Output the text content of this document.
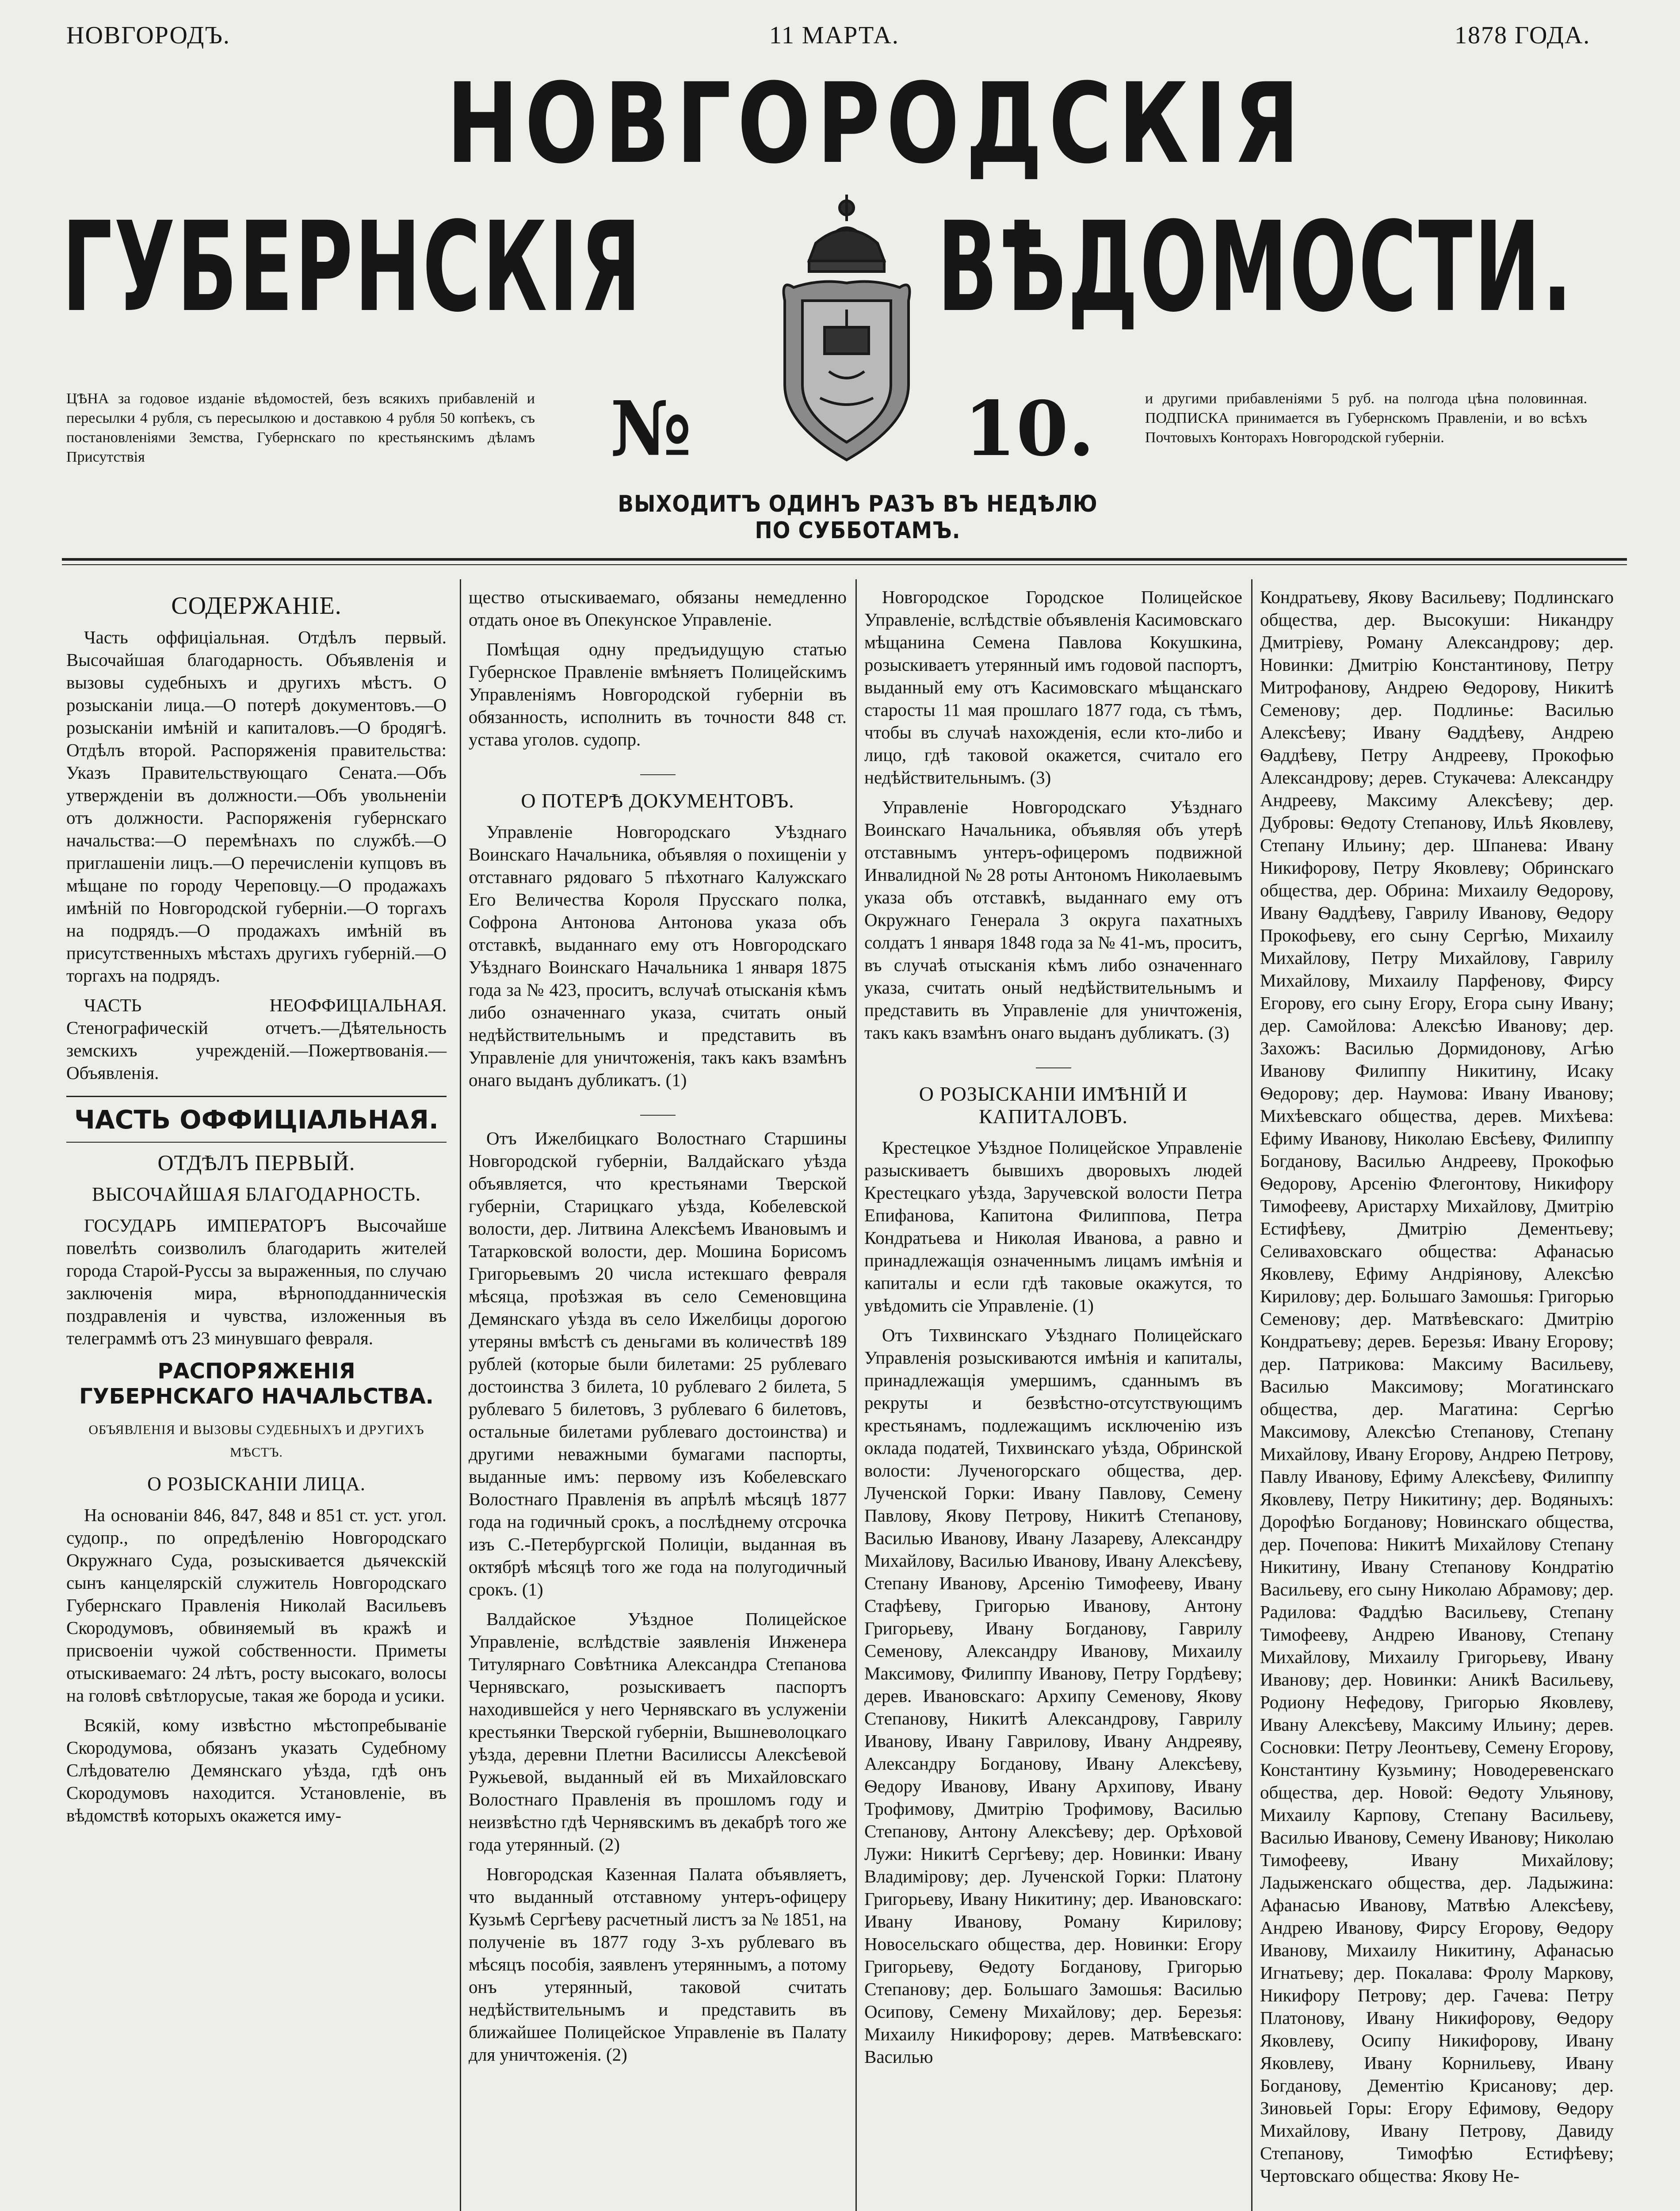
НОВГОРОДЪ.	11 МАРТА.	1878 ГОДА.
НОВГОРОДСКІЯ
ГУБЕРНСКІЯ ВѢДОМОСТИ.
№	10.
ЦѢНА за годовое изданіе вѣдомостей, безъ всякихъ прибавленій и пересылки 4 рубля, съ пересылкою и доставкою 4 рубля 50 копѣекъ, съ постановленіями Земства, Губернскаго по крестьянскимъ дѣламъ Присутствія
и другими прибавленіями 5 руб. на полгода цѣна половинная. ПОДПИСКА принимается въ Губернскомъ Правленіи, и во всѣхъ Почтовыхъ Конторахъ Новгородской губерніи.
ВЫХОДИТЪ ОДИНЪ РАЗЪ ВЪ НЕДѢЛЮ ПО СУББОТАМЪ.

СОДЕРЖАНІЕ.

Часть оффиціальная. Отдѣлъ первый. Высочайшая благодарность. Объявленія и вызовы судебныхъ и другихъ мѣстъ. О розысканіи лица.—О потерѣ документовъ.—О розысканіи имѣній и капиталовъ.—О бродягѣ. Отдѣлъ второй. Распоряженія правительства: Указъ Правительствующаго Сената.—Объ утвержденіи въ должности.—Объ увольненіи отъ должности. Распоряженія губернскаго начальства:—О перемѣнахъ по службѣ.—О приглашеніи лицъ.—О перечисленіи купцовъ въ мѣщане по городу Череповцу.—О продажахъ имѣній по Новгородской губерніи.—О торгахъ на подрядъ.—О продажахъ имѣній въ присутственныхъ мѣстахъ другихъ губерній.—О торгахъ на подрядъ.

ЧАСТЬ НЕОФФИЦІАЛЬНАЯ. Стенографическій отчетъ.—Дѣятельность земскихъ учрежденій.—Пожертвованія.—Объявленія.

ЧАСТЬ ОФФИЦІАЛЬНАЯ.

ОТДѢЛЪ ПЕРВЫЙ.

ВЫСОЧАЙШАЯ БЛАГОДАРНОСТЬ.

ГОСУДАРЬ ИМПЕРАТОРЪ Высочайше повелѣть соизволилъ благодарить жителей города Старой-Руссы за выраженныя, по случаю заключенія мира, вѣрноподданническія поздравленія и чувства, изложенныя въ телеграммѣ отъ 23 минувшаго февраля.

РАСПОРЯЖЕНІЯ

ГУБЕРНСКАГО НАЧАЛЬСТВА.

ОБЪЯВЛЕНІЯ И ВЫЗОВЫ СУДЕБНЫХЪ И ДРУГИХЪ МѢСТЪ.

О РОЗЫСКАНІИ ЛИЦА.

На основаніи 846, 847, 848 и 851 ст. уст. угол. судопр., по опредѣленію Новгородскаго Окружнаго Суда, розыскивается дьячекскій сынъ канцелярскій служитель Новгородскаго Губернскаго Правленія Николай Васильевъ Скородумовъ, обвиняемый въ кражѣ и присвоеніи чужой собственности. Приметы отыскиваемаго: 24 лѣтъ, росту высокаго, волосы на головѣ свѣтлорусые, такая же борода и усики.

Всякій, кому извѣстно мѣстопребываніе Скородумова, обязанъ указать Судебному Слѣдователю Демянскаго уѣзда, гдѣ онъ Скородумовъ находится. Установленіе, въ вѣдомствѣ которыхъ окажется иму-

щество отыскиваемаго, обязаны немедленно отдать оное въ Опекунское Управленіе.

Помѣщая одну предъидущую статью Губернское Правленіе вмѣняетъ Полицейскимъ Управленіямъ Новгородской губерніи въ обязанность, исполнить въ точности 848 ст. устава уголов. судопр.

О ПОТЕРѢ ДОКУМЕНТОВЪ.

Управленіе Новгородскаго Уѣзднаго Воинскаго Начальника, объявляя о похищеніи у отставнаго рядоваго 5 пѣхотнаго Калужскаго Его Величества Короля Прусскаго полка, Софрона Антонова Антонова указа объ отставкѣ, выданнаго ему отъ Новгородскаго Уѣзднаго Воинскаго Начальника 1 января 1875 года за № 423, проситъ, вслучаѣ отысканія кѣмъ либо означеннаго указа, считать оный недѣйствительнымъ и представить въ Управленіе для уничтоженія, такъ какъ взамѣнъ онаго выданъ дубликатъ. (1)

Отъ Ижелбицкаго Волостнаго Старшины Новгородской губерніи, Валдайскаго уѣзда объявляется, что крестьянами Тверской губерніи, Старицкаго уѣзда, Кобелевской волости, дер. Литвина Алексѣемъ Ивановымъ и Татарковской волости, дер. Мошина Борисомъ Григорьевымъ 20 числа истекшаго февраля мѣсяца, проѣзжая въ село Семеновщина Демянскаго уѣзда въ село Ижелбицы дорогою утеряны вмѣстѣ съ деньгами въ количествѣ 189 рублей (которые были билетами: 25 рублеваго достоинства 3 билета, 10 рублеваго 2 билета, 5 рублеваго 5 билетовъ, 3 рублеваго 6 билетовъ, остальные билетами рублеваго достоинства) и другими неважными бумагами паспорты, выданные имъ: первому изъ Кобелевскаго Волостнаго Правленія въ апрѣлѣ мѣсяцѣ 1877 года на годичный срокъ, а послѣднему отсрочка изъ С.-Петербургской Полиціи, выданная въ октябрѣ мѣсяцѣ того же года на полугодичный срокъ. (1)

Валдайское Уѣздное Полицейское Управленіе, вслѣдствіе заявленія Инженера Титулярнаго Совѣтника Александра Степанова Чернявскаго, розыскиваетъ паспортъ находившейся у него Чернявскаго въ услуженіи крестьянки Тверской губерніи, Вышневолоцкаго уѣзда, деревни Плетни Василиссы Алексѣевой Ружьевой, выданный ей въ Михайловскаго Волостнаго Правленія въ прошломъ году и неизвѣстно гдѣ Чернявскимъ въ декабрѣ того же года утерянный. (2)

Новгородская Казенная Палата объявляетъ, что выданный отставному унтеръ-офицеру Кузьмѣ Сергѣеву расчетный листъ за № 1851, на полученіе въ 1877 году 3-хъ рублеваго въ мѣсяцъ пособія, заявленъ утеряннымъ, а потому онъ утерянный, таковой считать недѣйствительнымъ и представить въ ближайшее Полицейское Управленіе въ Палату для уничтоженія. (2)

Новгородское Городское Полицейское Управленіе, вслѣдствіе объявленія Касимовскаго мѣщанина Семена Павлова Кокушкина, розыскиваетъ утерянный имъ годовой паспортъ, выданный ему отъ Касимовскаго мѣщанскаго старосты 11 мая прошлаго 1877 года, съ тѣмъ, чтобы въ случаѣ нахожденія, если кто-либо и лицо, гдѣ таковой окажется, считало его недѣйствительнымъ. (3)

Управленіе Новгородскаго Уѣзднаго Воинскаго Начальника, объявляя объ утерѣ отставнымъ унтеръ-офицеромъ подвижной Инвалидной № 28 роты Антономъ Николаевымъ указа объ отставкѣ, выданнаго ему отъ Окружнаго Генерала 3 округа пахатныхъ солдатъ 1 января 1848 года за № 41-мъ, проситъ, въ случаѣ отысканія кѣмъ либо означеннаго указа, считать оный недѣйствительнымъ и представить въ Управленіе для уничтоженія, такъ какъ взамѣнъ онаго выданъ дубликатъ. (3)

О РОЗЫСКАНІИ ИМѢНІЙ И КАПИТАЛОВЪ.

Крестецкое Уѣздное Полицейское Управленіе разыскиваетъ бывшихъ дворовыхъ людей Крестецкаго уѣзда, Заручевской волости Петра Епифанова, Капитона Филиппова, Петра Кондратьева и Николая Иванова, а равно и принадлежащія означеннымъ лицамъ имѣнія и капиталы и если гдѣ таковые окажутся, то увѣдомить сіе Управленіе. (1)

Отъ Тихвинскаго Уѣзднаго Полицейскаго Управленія розыскиваются имѣнія и капиталы, принадлежащія умершимъ, сданнымъ въ рекруты и безвѣстно-отсутствующимъ крестьянамъ, подлежащимъ исключенію изъ оклада податей, Тихвинскаго уѣзда, Обринской волости: Лученогорскаго общества, дер. Лученской Горки: Ивану Павлову, Семену Павлову, Якову Петрову, Никитѣ Степанову, Василью Иванову, Ивану Лазареву, Александру Михайлову, Василью Иванову, Ивану Алексѣеву, Степану Иванову, Арсенію Тимофееву, Ивану Стафѣеву, Григорью Иванову, Антону Григорьеву, Ивану Богданову, Гаврилу Семенову, Александру Иванову, Михаилу Максимову, Филиппу Иванову, Петру Гордѣеву; дерев. Ивановскаго: Архипу Семенову, Якову Степанову, Никитѣ Александрову, Гаврилу Иванову, Ивану Гаврилову, Ивану Андреяву, Александру Богданову, Ивану Алексѣеву, Ѳедору Иванову, Ивану Архипову, Ивану Трофимову, Дмитрію Трофимову, Василью Степанову, Антону Алексѣеву; дер. Орѣховой Лужи: Никитѣ Сергѣеву; дер. Новинки: Ивану Владимірову; дер. Лученской Горки: Платону Григорьеву, Ивану Никитину; дер. Ивановскаго: Ивану Иванову, Роману Кирилову; Новосельскаго общества, дер. Новинки: Егору Григорьеву, Ѳедоту Богданову, Григорью Степанову; дер. Большаго Замошья: Василью Осипову, Семену Михайлову; дер. Березья: Михаилу Никифорову; дерев. Матвѣевскаго: Василью

Кондратьеву, Якову Васильеву; Подлинскаго общества, дер. Высокуши: Никандру Дмитріеву, Роману Александрову; дер. Новинки: Дмитрію Константинову, Петру Митрофанову, Андрею Ѳедорову, Никитѣ Семенову; дер. Подлинье: Василью Алексѣеву; Ивану Ѳаддѣеву, Андрею Ѳаддѣеву, Петру Андрееву, Прокофью Александрову; дерев. Стукачева: Александру Андрееву, Максиму Алексѣеву; дер. Дубровы: Ѳедоту Степанову, Ильѣ Яковлеву, Степану Ильину; дер. Шпанева: Ивану Никифорову, Петру Яковлеву; Обринскаго общества, дер. Обрина: Михаилу Ѳедорову, Ивану Ѳаддѣеву, Гаврилу Иванову, Ѳедору Прокофьеву, его сыну Сергѣю, Михаилу Михайлову, Петру Михайлову, Гаврилу Михайлову, Михаилу Парфенову, Фирсу Егорову, его сыну Егору, Егора сыну Ивану; дер. Самойлова: Алексѣю Иванову; дер. Захожъ: Василью Дормидонову, Агѣю Иванову Филиппу Никитину, Исаку Ѳедорову; дер. Наумова: Ивану Иванову; Михѣевскаго общества, дерев. Михѣева: Ефиму Иванову, Николаю Евсѣеву, Филиппу Богданову, Василью Андрееву, Прокофью Ѳедорову, Арсенію Флегонтову, Никифору Тимофееву, Аристарху Михайлову, Дмитрію Естифѣеву, Дмитрію Дементьеву; Селиваховскаго общества: Афанасью Яковлеву, Ефиму Андріянову, Алексѣю Кирилову; дер. Большаго Замошья: Григорью Семенову; дер. Матвѣевскаго: Дмитрію Кондратьеву; дерев. Березья: Ивану Егорову; дер. Патрикова: Максиму Васильеву, Василью Максимову; Могатинскаго общества, дер. Магатина: Сергѣю Максимову, Алексѣю Степанову, Степану Михайлову, Ивану Егорову, Андрею Петрову, Павлу Иванову, Ефиму Алексѣеву, Филиппу Яковлеву, Петру Никитину; дер. Водяныхъ: Дорофѣю Богданову; Новинскаго общества, дер. Почепова: Никитѣ Михайлову Степану Никитину, Ивану Степанову Кондратію Васильеву, его сыну Николаю Абрамову; дер. Радилова: Фаддѣю Васильеву, Степану Тимофееву, Андрею Иванову, Степану Михайлову, Михаилу Григорьеву, Ивану Иванову; дер. Новинки: Аникѣ Васильеву, Родиону Нефедову, Григорью Яковлеву, Ивану Алексѣеву, Максиму Ильину; дерев. Сосновки: Петру Леонтьеву, Семену Егорову, Константину Кузьмину; Новодеревенскаго общества, дер. Новой: Ѳедоту Ульянову, Михаилу Карпову, Степану Васильеву, Василью Иванову, Семену Иванову; Николаю Тимофееву, Ивану Михайлову; Ладыженскаго общества, дер. Ладыжина: Афанасью Иванову, Матвѣю Алексѣеву, Андрею Иванову, Фирсу Егорову, Ѳедору Иванову, Михаилу Никитину, Афанасью Игнатьеву; дер. Покалава: Фролу Маркову, Никифору Петрову; дер. Гачева: Петру Платонову, Ивану Никифорову, Ѳедору Яковлеву, Осипу Никифорову, Ивану Яковлеву, Ивану Корнильеву, Ивану Богданову, Дементію Крисанову; дер. Зиновьей Горы: Егору Ефимову, Ѳедору Михайлову, Ивану Петрову, Давиду Степанову, Тимофѣю Естифѣеву; Чертовскаго общества: Якову Не-
